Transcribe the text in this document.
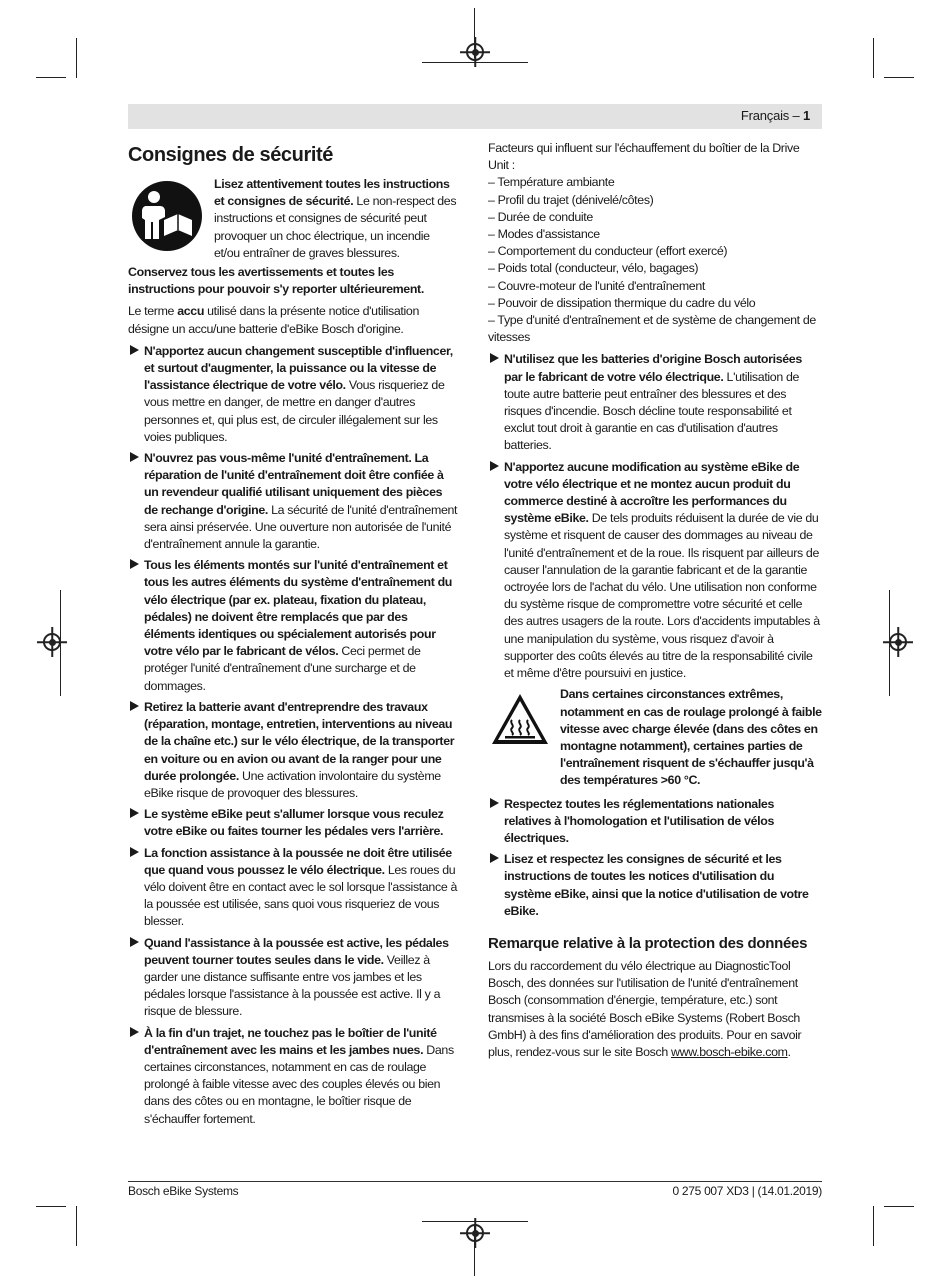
Français – 1
Consignes de sécurité
Lisez attentivement toutes les instructions et consignes de sécurité. Le non-respect des instructions et consignes de sécurité peut provoquer un choc électrique, un incendie et/ou entraîner de graves blessures.

Conservez tous les avertissements et toutes les instructions pour pouvoir s'y reporter ultérieurement.

Le terme accu utilisé dans la présente notice d'utilisation désigne un accu/une batterie d'eBike Bosch d'origine.

N'apportez aucun changement susceptible d'influencer, et surtout d'augmenter, la puissance ou la vitesse de l'assistance électrique de votre vélo. Vous risqueriez de vous mettre en danger, de mettre en danger d'autres personnes et, qui plus est, de circuler illégalement sur les voies publiques.
N'ouvrez pas vous-même l'unité d'entraînement. La réparation de l'unité d'entraînement doit être confiée à un revendeur qualifié utilisant uniquement des pièces de rechange d'origine. La sécurité de l'unité d'entraînement sera ainsi préservée. Une ouverture non autorisée de l'unité d'entraînement annule la garantie.
Tous les éléments montés sur l'unité d'entraînement et tous les autres éléments du système d'entraînement du vélo électrique (par ex. plateau, fixation du plateau, pédales) ne doivent être remplacés que par des éléments identiques ou spécialement autorisés pour votre vélo par le fabricant de vélos. Ceci permet de protéger l'unité d'entraînement d'une surcharge et de dommages.
Retirez la batterie avant d'entreprendre des travaux (réparation, montage, entretien, interventions au niveau de la chaîne etc.) sur le vélo électrique, de la transporter en voiture ou en avion ou avant de la ranger pour une durée prolongée. Une activation involontaire du système eBike risque de provoquer des blessures.
Le système eBike peut s'allumer lorsque vous reculez votre eBike ou faites tourner les pédales vers l'arrière.
La fonction assistance à la poussée ne doit être utilisée que quand vous poussez le vélo électrique. Les roues du vélo doivent être en contact avec le sol lorsque l'assistance à la poussée est utilisée, sans quoi vous risqueriez de vous blesser.
Quand l'assistance à la poussée est active, les pédales peuvent tourner toutes seules dans le vide. Veillez à garder une distance suffisante entre vos jambes et les pédales lorsque l'assistance à la poussée est active. Il y a risque de blessure.
À la fin d'un trajet, ne touchez pas le boîtier de l'unité d'entraînement avec les mains et les jambes nues. Dans certaines circonstances, notamment en cas de roulage prolongé à faible vitesse avec des couples élevés ou bien dans des côtes ou en montagne, le boîtier risque de s'échauffer fortement.
Facteurs qui influent sur l'échauffement du boîtier de la Drive Unit :
– Température ambiante
– Profil du trajet (dénivelé/côtes)
– Durée de conduite
– Modes d'assistance
– Comportement du conducteur (effort exercé)
– Poids total (conducteur, vélo, bagages)
– Couvre-moteur de l'unité d'entraînement
– Pouvoir de dissipation thermique du cadre du vélo
– Type d'unité d'entraînement et de système de changement de vitesses
N'utilisez que les batteries d'origine Bosch autorisées par le fabricant de votre vélo électrique. L'utilisation de toute autre batterie peut entraîner des blessures et des risques d'incendie. Bosch décline toute responsabilité et exclut tout droit à garantie en cas d'utilisation d'autres batteries.
N'apportez aucune modification au système eBike de votre vélo électrique et ne montez aucun produit du commerce destiné à accroître les performances du système eBike. De tels produits réduisent la durée de vie du système et risquent de causer des dommages au niveau de l'unité d'entraînement et de la roue. Ils risquent par ailleurs de causer l'annulation de la garantie fabricant et de la garantie octroyée lors de l'achat du vélo. Une utilisation non conforme du système risque de compromettre votre sécurité et celle des autres usagers de la route. Lors d'accidents imputables à une manipulation du système, vous risquez d'avoir à supporter des coûts élevés au titre de la responsabilité civile et même d'être poursuivi en justice.
Dans certaines circonstances extrêmes, notamment en cas de roulage prolongé à faible vitesse avec charge élevée (dans des côtes en montagne notamment), certaines parties de l'entraînement risquent de s'échauffer jusqu'à des températures >60 °C.
Respectez toutes les réglementations nationales relatives à l'homologation et l'utilisation de vélos électriques.
Lisez et respectez les consignes de sécurité et les instructions de toutes les notices d'utilisation du système eBike, ainsi que la notice d'utilisation de votre eBike.
Remarque relative à la protection des données

Lors du raccordement du vélo électrique au DiagnosticTool Bosch, des données sur l'utilisation de l'unité d'entraînement Bosch (consommation d'énergie, température, etc.) sont transmises à la société Bosch eBike Systems (Robert Bosch GmbH) à des fins d'amélioration des produits. Pour en savoir plus, rendez-vous sur le site Bosch www.bosch-ebike.com.

Bosch eBike Systems	0 275 007 XD3 | (14.01.2019)
